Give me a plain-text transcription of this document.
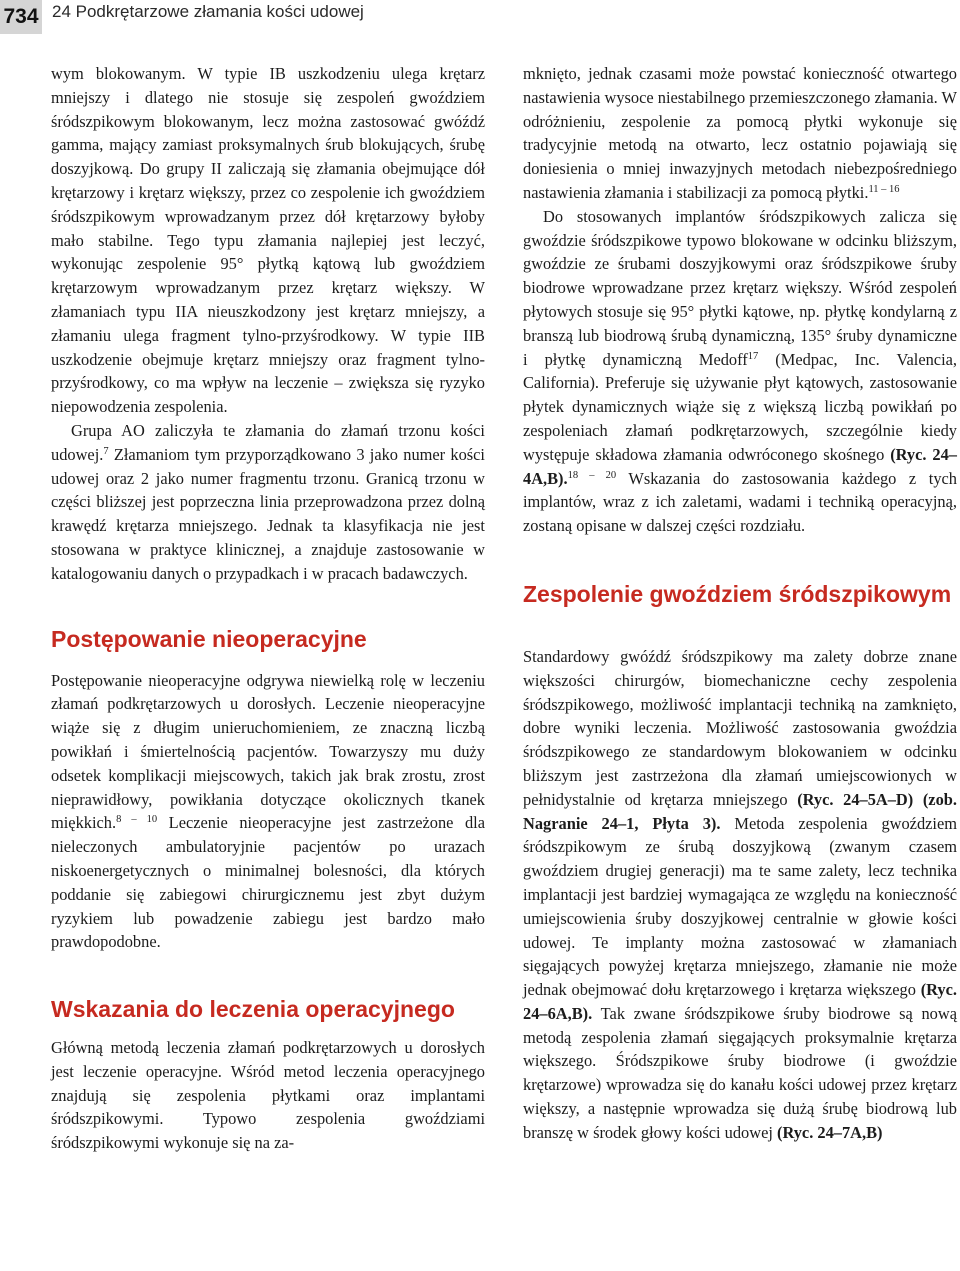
734 24 Podkrętarzowe złamania kości udowej

wym blokowanym. W typie IB uszkodzeniu ulega krętarz mniejszy i dlatego nie stosuje się zespoleń gwoździem śródszpikowym blokowanym, lecz można zastosować gwóźdź gamma, mający zamiast proksymalnych śrub blokujących, śrubę doszyjkową. Do grupy II zaliczają się złamania obejmujące dół krętarzowy i krętarz większy, przez co zespolenie ich gwoździem śródszpikowym wprowadzanym przez dół krętarzowy byłoby mało stabilne. Tego typu złamania najlepiej jest leczyć, wykonując zespolenie 95° płytką kątową lub gwoździem krętarzowym wprowadzanym przez krętarz większy. W złamaniach typu IIA nieuszkodzony jest krętarz mniejszy, a złamaniu ulega fragment tylno-przyśrodkowy. W typie IIB uszkodzenie obejmuje krętarz mniejszy oraz fragment tylno-przyśrodkowy, co ma wpływ na leczenie – zwiększa się ryzyko niepowodzenia zespolenia.

Grupa AO zaliczyła te złamania do złamań trzonu kości udowej.$^7$ Złamaniom tym przyporządkowano 3 jako numer kości udowej oraz 2 jako numer fragmentu trzonu. Granicą trzonu w części bliższej jest poprzeczna linia przeprowadzona przez dolną krawędź krętarza mniejszego. Jednak ta klasyfikacja nie jest stosowana w praktyce klinicznej, a znajduje zastosowanie w katalogowaniu danych o przypadkach i w pracach badawczych.

Postępowanie nieoperacyjne

Postępowanie nieoperacyjne odgrywa niewielką rolę w leczeniu złamań podkrętarzowych u dorosłych. Leczenie nieoperacyjne wiąże się z długim unieruchomieniem, ze znaczną liczbą powikłań i śmiertelnością pacjentów. Towarzyszy mu duży odsetek komplikacji miejscowych, takich jak brak zrostu, zrost nieprawidłowy, powikłania dotyczące okolicznych tkanek miękkich.$^{8 - 10}$ Leczenie nieoperacyjne jest zastrzeżone dla nieleczonych ambulatoryjnie pacjentów po urazach niskoenergetycznych o minimalnej bolesności, dla których poddanie się zabiegowi chirurgicznemu jest zbyt dużym ryzykiem lub powadzenie zabiegu jest bardzo mało prawdopodobne.

Wskazania do leczenia operacyjnego

Główną metodą leczenia złamań podkrętarzowych u dorosłych jest leczenie operacyjne. Wśród metod leczenia operacyjnego znajdują się zespolenia płytkami oraz implantami śródszpikowymi. Typowo zespolenia gwoździami śródszpikowymi wykonuje się na za-

mknięto, jednak czasami może powstać konieczność otwartego nastawienia wysoce niestabilnego przemieszczonego złamania. W odróżnieniu, zespolenie za pomocą płytki wykonuje się tradycyjnie metodą na otwarto, lecz ostatnio pojawiają się doniesienia o mniej inwazyjnych metodach niebezpośredniego nastawienia złamania i stabilizacji za pomocą płytki.$^{11 - 16}$

Do stosowanych implantów śródszpikowych zalicza się gwoździe śródszpikowe typowo blokowane w odcinku bliższym, gwoździe ze śrubami doszyjkowymi oraz śródszpikowe śruby biodrowe wprowadzane przez krętarz większy. Wśród zespoleń płytowych stosuje się 95° płytki kątowe, np. płytkę kondylarną z branszą lub biodrową śrubą dynamiczną, 135° śruby dynamiczne i płytkę dynamiczną Medoff$^{17}$ (Medpac, Inc. Valencia, California). Preferuje się używanie płyt kątowych, zastosowanie płytek dynamicznych wiąże się z większą liczbą powikłań po zespoleniach złamań podkrętarzowych, szczególnie kiedy występuje składowa złamania odwróconego skośnego (Ryc. 24–4A,B).$^{18 - 20}$ Wskazania do zastosowania każdego z tych implantów, wraz z ich zaletami, wadami i techniką operacyjną, zostaną opisane w dalszej części rozdziału.

Zespolenie gwoździem śródszpikowym

Standardowy gwóźdź śródszpikowy ma zalety dobrze znane większości chirurgów, biomechaniczne cechy zespolenia śródszpikowego, możliwość implantacji techniką na zamknięto, dobre wyniki leczenia. Możliwość zastosowania gwoździa śródszpikowego ze standardowym blokowaniem w odcinku bliższym jest zastrzeżona dla złamań umiejscowionych w pełnidystalnie od krętarza mniejszego (Ryc. 24–5A–D) (zob. Nagranie 24–1, Płyta 3). Metoda zespolenia gwoździem śródszpikowym ze śrubą doszyjkową (zwanym czasem gwoździem drugiej generacji) ma te same zalety, lecz technika implantacji jest bardziej wymagająca ze względu na konieczność umiejscowienia śruby doszyjkowej centralnie w głowie kości udowej. Te implanty można zastosować w złamaniach sięgających powyżej krętarza mniejszego, złamanie nie może jednak obejmować dołu krętarzowego i krętarza większego (Ryc. 24–6A,B). Tak zwane śródszpikowe śruby biodrowe są nową metodą zespolenia złamań sięgających proksymalnie krętarza większego. Śródszpikowe śruby biodrowe (i gwoździe krętarzowe) wprowadza się do kanału kości udowej przez krętarz większy, a następnie wprowadza się dużą śrubę biodrową lub branszę w środek głowy kości udowej (Ryc. 24–7A,B)
